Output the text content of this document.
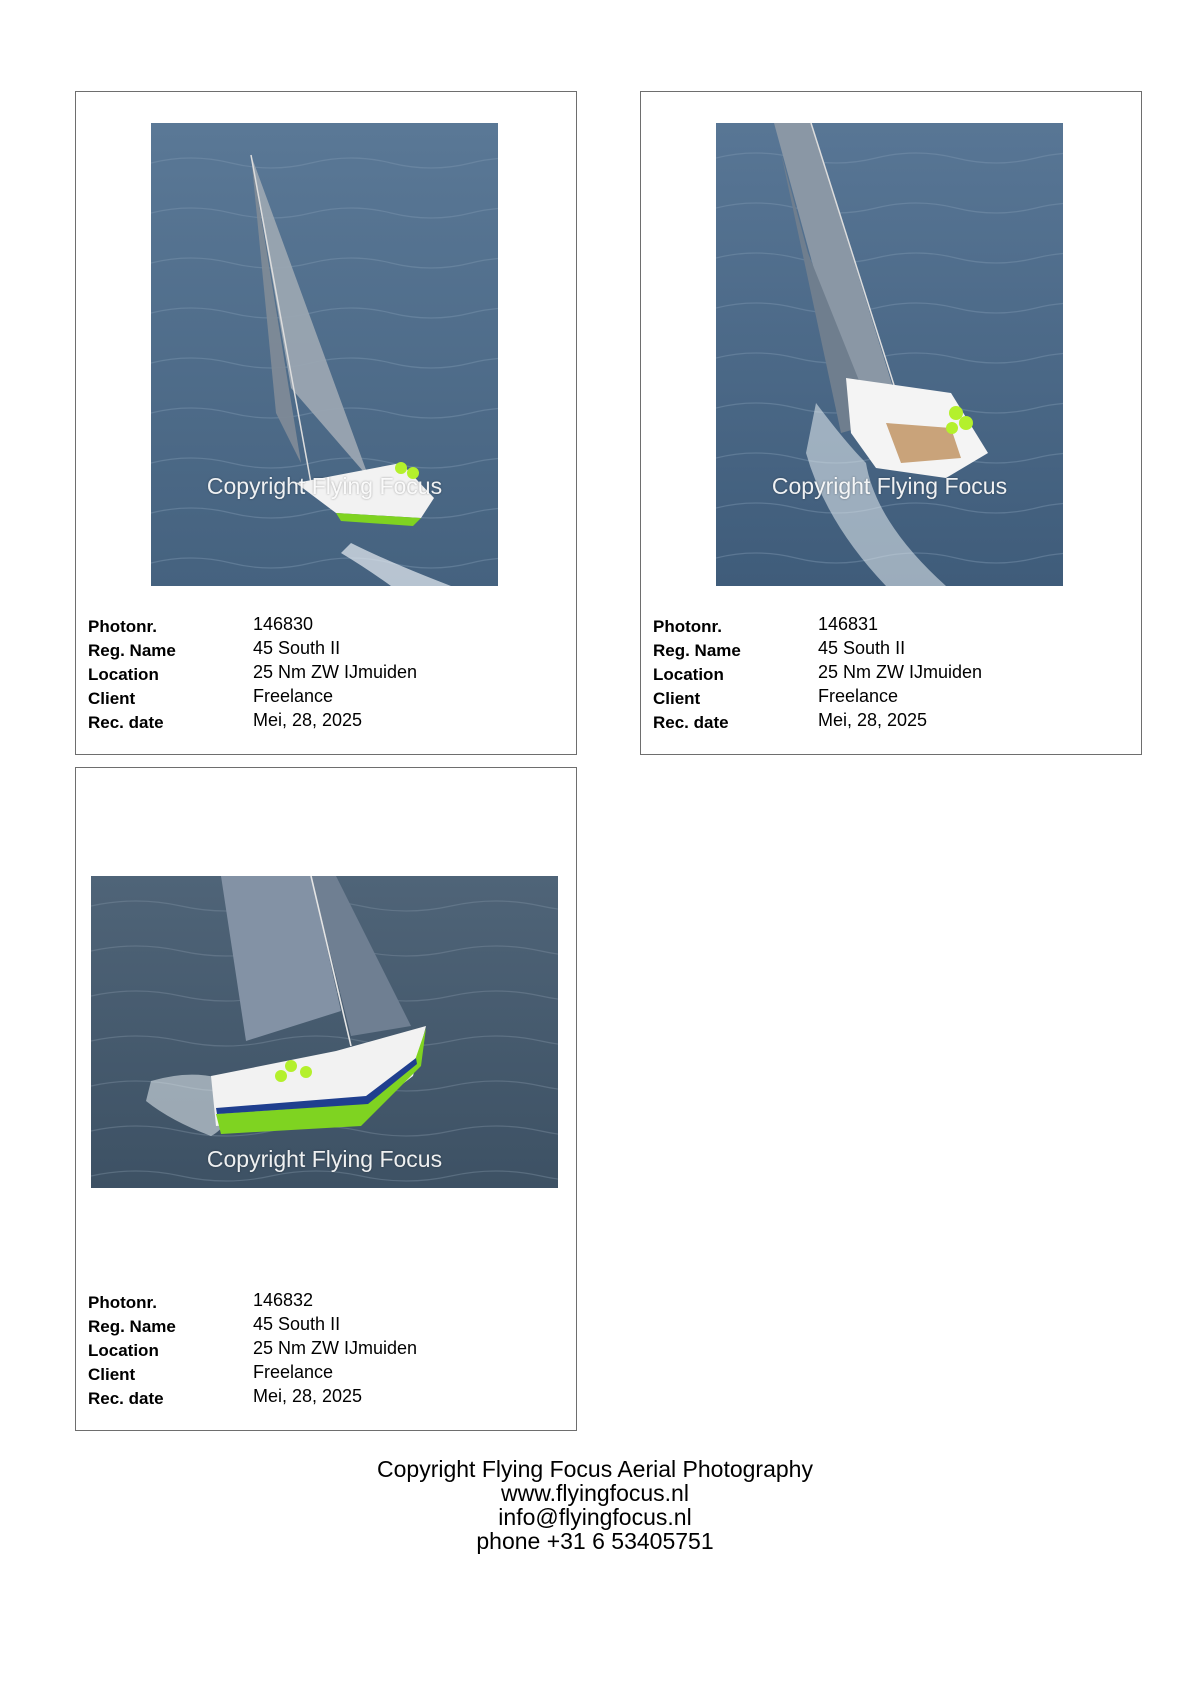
Copyright Flying Focus
Photonr.	146830
Reg. Name	45 South II
Location	25 Nm ZW IJmuiden
Client	Freelance
Rec. date	Mei, 28, 2025
Copyright Flying Focus
Photonr.	146831
Reg. Name	45 South II
Location	25 Nm ZW IJmuiden
Client	Freelance
Rec. date	Mei, 28, 2025
Copyright Flying Focus
Photonr.	146832
Reg. Name	45 South II
Location	25 Nm ZW IJmuiden
Client	Freelance
Rec. date	Mei, 28, 2025
Copyright Flying Focus Aerial Photography
www.flyingfocus.nl
info@flyingfocus.nl
phone +31 6 53405751
